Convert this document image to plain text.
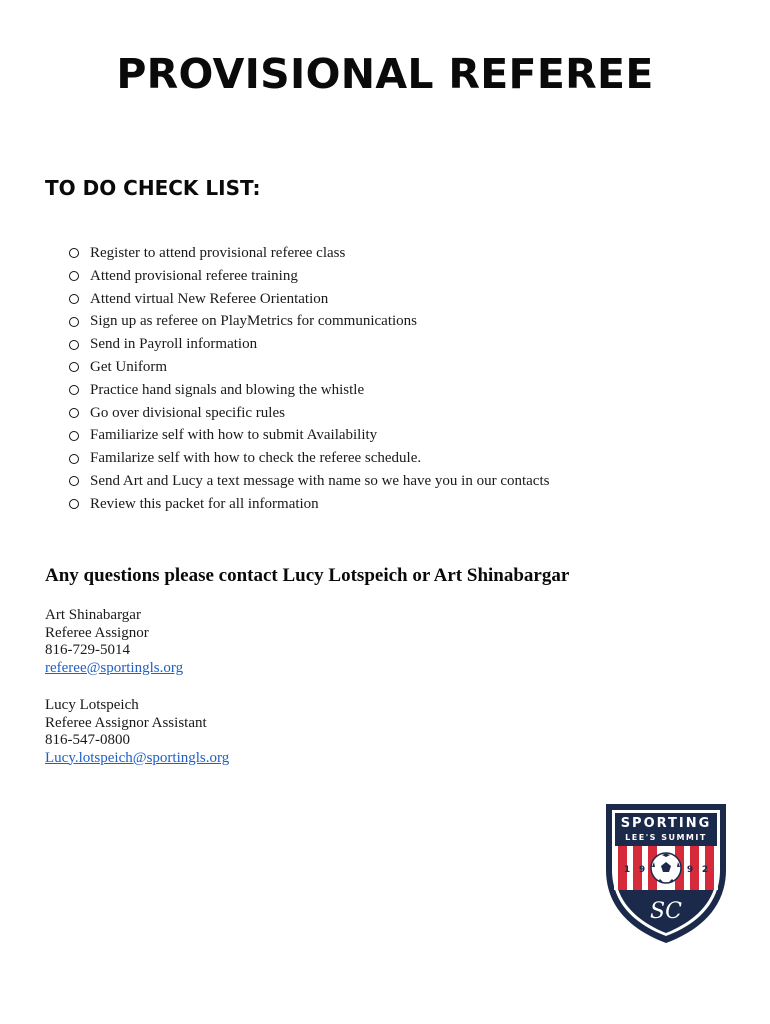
PROVISIONAL REFEREE
TO DO CHECK LIST:
Register to attend provisional referee class
Attend provisional referee training
Attend virtual New Referee Orientation
Sign up as referee on PlayMetrics for communications
Send in Payroll information
Get Uniform
Practice hand signals and blowing the whistle
Go over divisional specific rules
Familiarize self with how to submit Availability
Familarize self with how to check the referee schedule.
Send Art and Lucy a text message with name so we have you in our contacts
Review this packet for all information
Any questions please contact Lucy Lotspeich or Art Shinabargar
Art Shinabargar
Referee Assignor
816-729-5014
referee@sportingls.org
Lucy Lotspeich
Referee Assignor Assistant
816-547-0800
Lucy.lotspeich@sportingls.org
SPORTING
LEE'S SUMMIT
1 9	9 2
SC
